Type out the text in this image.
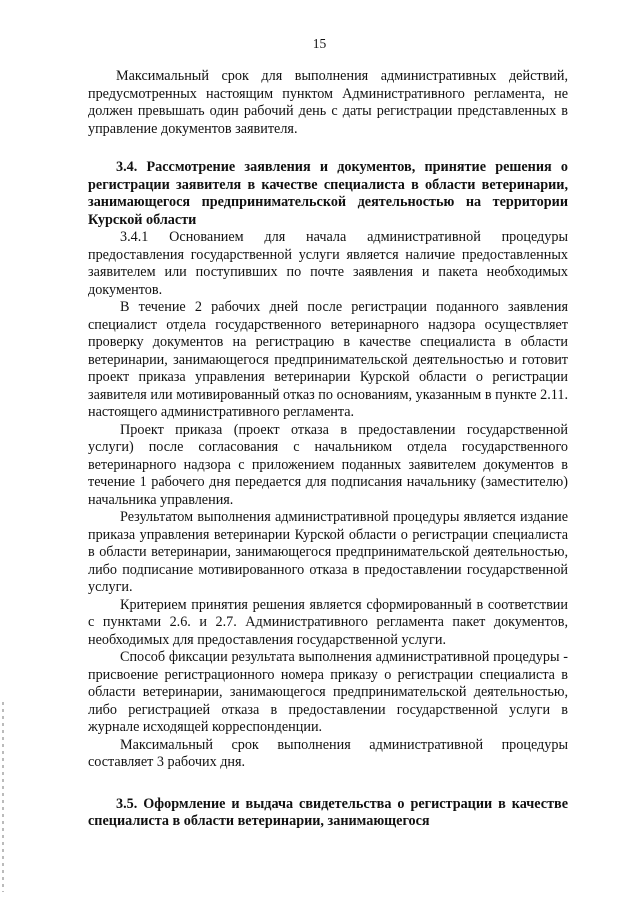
15

Максимальный срок для выполнения административных действий, предусмотренных настоящим пунктом Административного регламента, не должен превышать один рабочий день с даты регистрации представленных в управление документов заявителя.

3.4. Рассмотрение заявления и документов, принятие решения о регистрации заявителя в качестве специалиста в области ветеринарии, занимающегося предпринимательской деятельностью на территории Курской области

3.4.1 Основанием для начала административной процедуры предоставления государственной услуги является наличие предоставленных заявителем или поступивших по почте заявления и пакета необходимых документов.

В течение 2 рабочих дней после регистрации поданного заявления специалист отдела государственного ветеринарного надзора осуществляет проверку документов на регистрацию в качестве специалиста в области ветеринарии, занимающегося предпринимательской деятельностью и готовит проект приказа управления ветеринарии Курской области о регистрации заявителя или мотивированный отказ по основаниям, указанным в пункте 2.11. настоящего административного регламента.

Проект приказа (проект отказа в предоставлении государственной услуги) после согласования с начальником отдела государственного ветеринарного надзора с приложением поданных заявителем документов в течение 1 рабочего дня передается для подписания начальнику (заместителю) начальника управления.

Результатом выполнения административной процедуры является издание приказа управления ветеринарии Курской области о регистрации специалиста в области ветеринарии, занимающегося предпринимательской деятельностью, либо подписание мотивированного отказа в предоставлении государственной услуги.

Критерием принятия решения является сформированный в соответствии с пунктами 2.6. и 2.7. Административного регламента пакет документов, необходимых для предоставления государственной услуги.

Способ фиксации результата выполнения административной процедуры - присвоение регистрационного номера приказу о регистрации специалиста в области ветеринарии, занимающегося предпринимательской деятельностью, либо регистрацией отказа в предоставлении государственной услуги в журнале исходящей корреспонденции.

Максимальный срок выполнения административной процедуры составляет 3 рабочих дня.

3.5. Оформление и выдача свидетельства о регистрации в качестве специалиста в области ветеринарии, занимающегося
